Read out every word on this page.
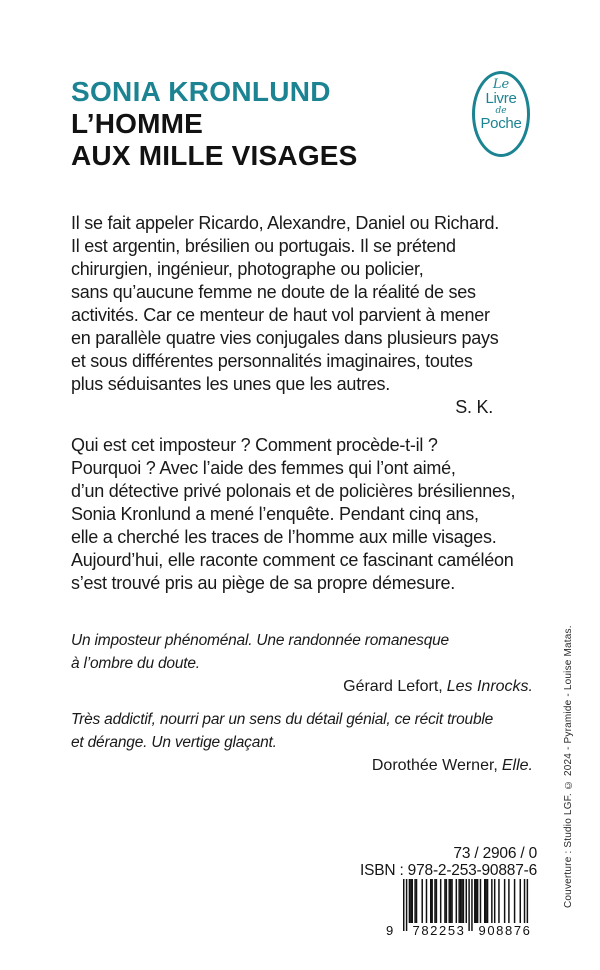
SONIA KRONLUND
L’HOMME
AUX MILLE VISAGES
Le
Livre
de
Poche
Il se fait appeler Ricardo, Alexandre, Daniel ou Richard.
Il est argentin, brésilien ou portugais. Il se prétend
chirurgien, ingénieur, photographe ou policier,
sans qu’aucune femme ne doute de la réalité de ses
activités. Car ce menteur de haut vol parvient à mener
en parallèle quatre vies conjugales dans plusieurs pays
et sous différentes personnalités imaginaires, toutes
plus séduisantes les unes que les autres.
S. K.
Qui est cet imposteur ? Comment procède-t-il ?
Pourquoi ? Avec l’aide des femmes qui l’ont aimé,
d’un détective privé polonais et de policières brésiliennes,
Sonia Kronlund a mené l’enquête. Pendant cinq ans,
elle a cherché les traces de l’homme aux mille visages.
Aujourd’hui, elle raconte comment ce fascinant caméléon
s’est trouvé pris au piège de sa propre démesure.
Un imposteur phénoménal. Une randonnée romanesque
à l’ombre du doute.
Gérard Lefort, Les Inrocks.
Très addictif, nourri par un sens du détail génial, ce récit trouble
et dérange. Un vertige glaçant.
Dorothée Werner, Elle.	Couverture : Studio LGF. © 2024 - Pyramide - Louise Matas.
73 / 2906 / 0
ISBN : 978-2-253-90887-6
9 782253 908876
